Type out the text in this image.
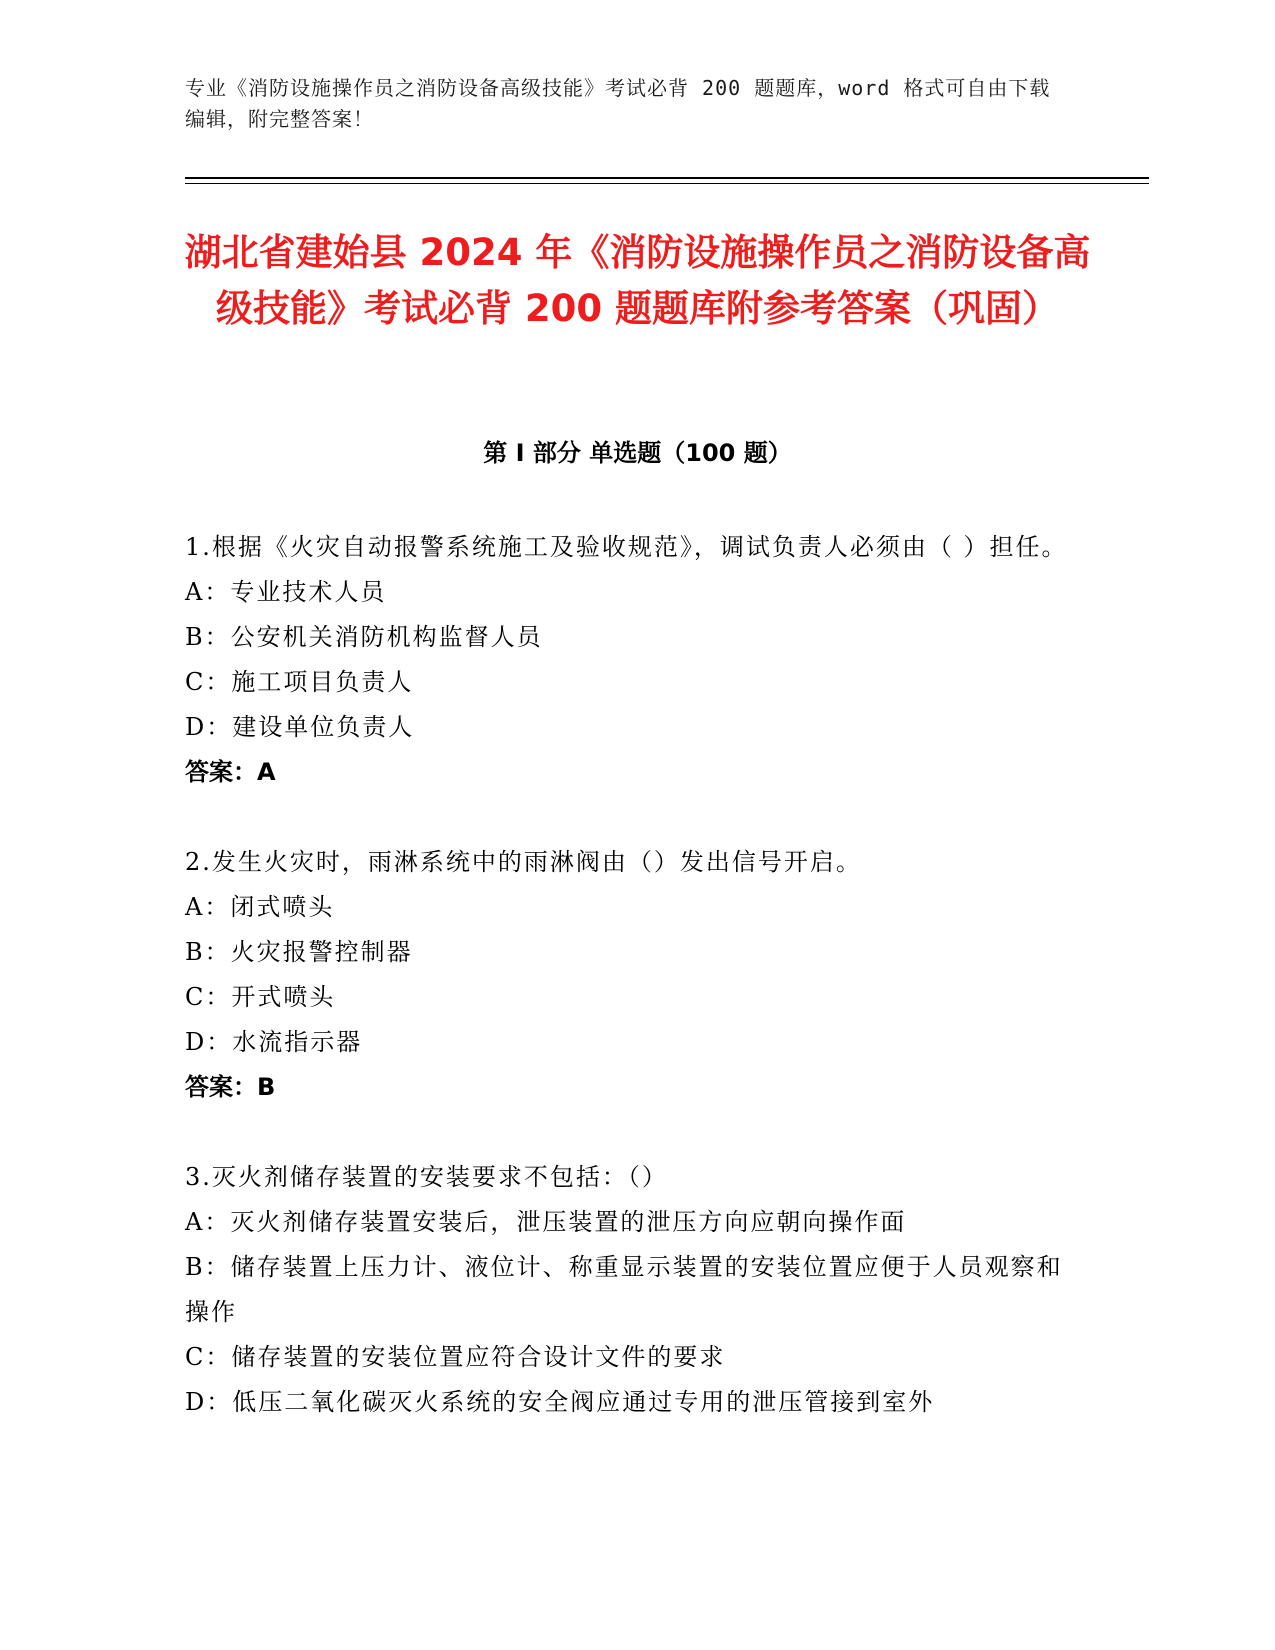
专业《消防设施操作员之消防设备高级技能》考试必背 200 题题库，word 格式可自由下载编辑，附完整答案！
湖北省建始县 2024 年《消防设施操作员之消防设备高级技能》考试必背 200 题题库附参考答案（巩固）
第 I 部分 单选题（100 题）

1.根据《火灾自动报警系统施工及验收规范》，调试负责人必须由（ ）担任。

A：专业技术人员

B：公安机关消防机构监督人员

C：施工项目负责人

D：建设单位负责人

答案：A

2.发生火灾时，雨淋系统中的雨淋阀由（）发出信号开启。

A：闭式喷头

B：火灾报警控制器

C：开式喷头

D：水流指示器

答案：B

3.灭火剂储存装置的安装要求不包括：（）

A：灭火剂储存装置安装后，泄压装置的泄压方向应朝向操作面

B：储存装置上压力计、液位计、称重显示装置的安装位置应便于人员观察和操作

C：储存装置的安装位置应符合设计文件的要求

D：低压二氧化碳灭火系统的安全阀应通过专用的泄压管接到室外
